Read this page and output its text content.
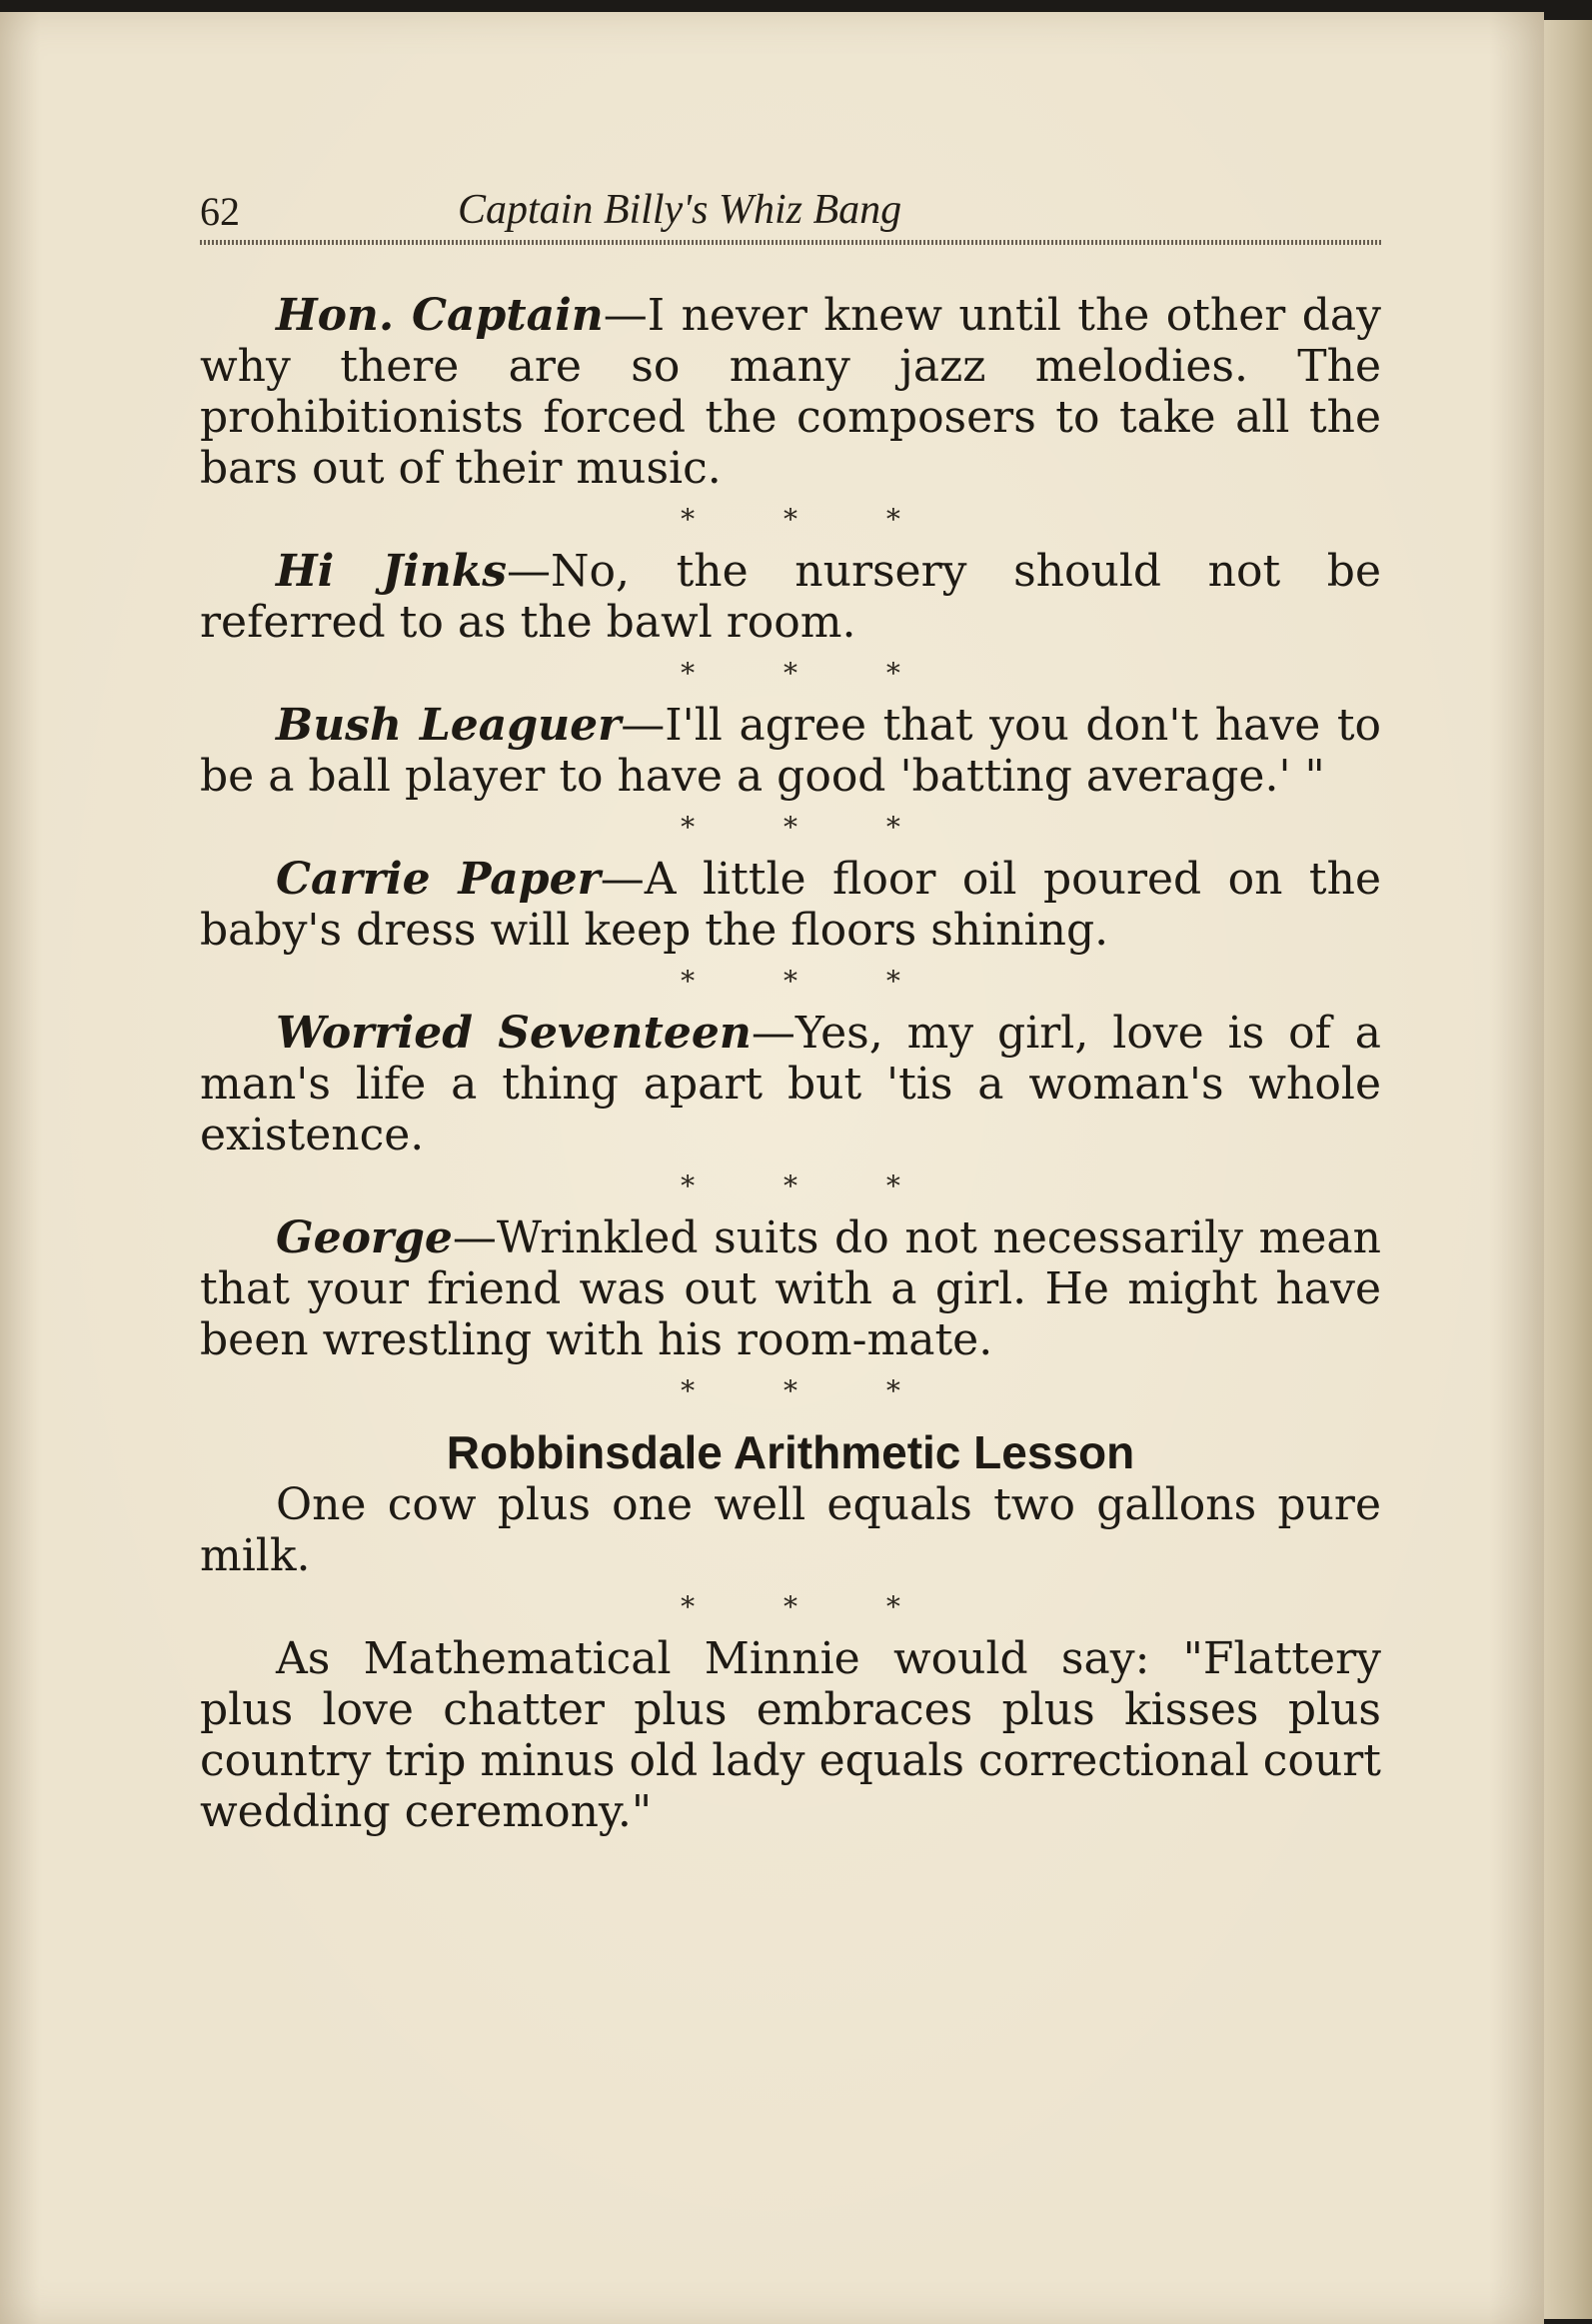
62	Captain Billy's Whiz Bang

Hon. Captain—I never knew until the other day why there are so many jazz melodies. The prohibitionists forced the composers to take all the bars out of their music.

* * *

Hi Jinks—No, the nursery should not be referred to as the bawl room.

* * *

Bush Leaguer—I'll agree that you don't have to be a ball player to have a good 'batting average.' "

* * *

Carrie Paper—A little floor oil poured on the baby's dress will keep the floors shining.

* * *

Worried Seventeen—Yes, my girl, love is of a man's life a thing apart but 'tis a woman's whole existence.

* * *

George—Wrinkled suits do not necessarily mean that your friend was out with a girl. He might have been wrestling with his room-mate.

* * *
Robbinsdale Arithmetic Lesson

One cow plus one well equals two gallons pure milk.

* * *

As Mathematical Minnie would say: "Flattery plus love chatter plus embraces plus kisses plus country trip minus old lady equals correctional court wedding ceremony."
